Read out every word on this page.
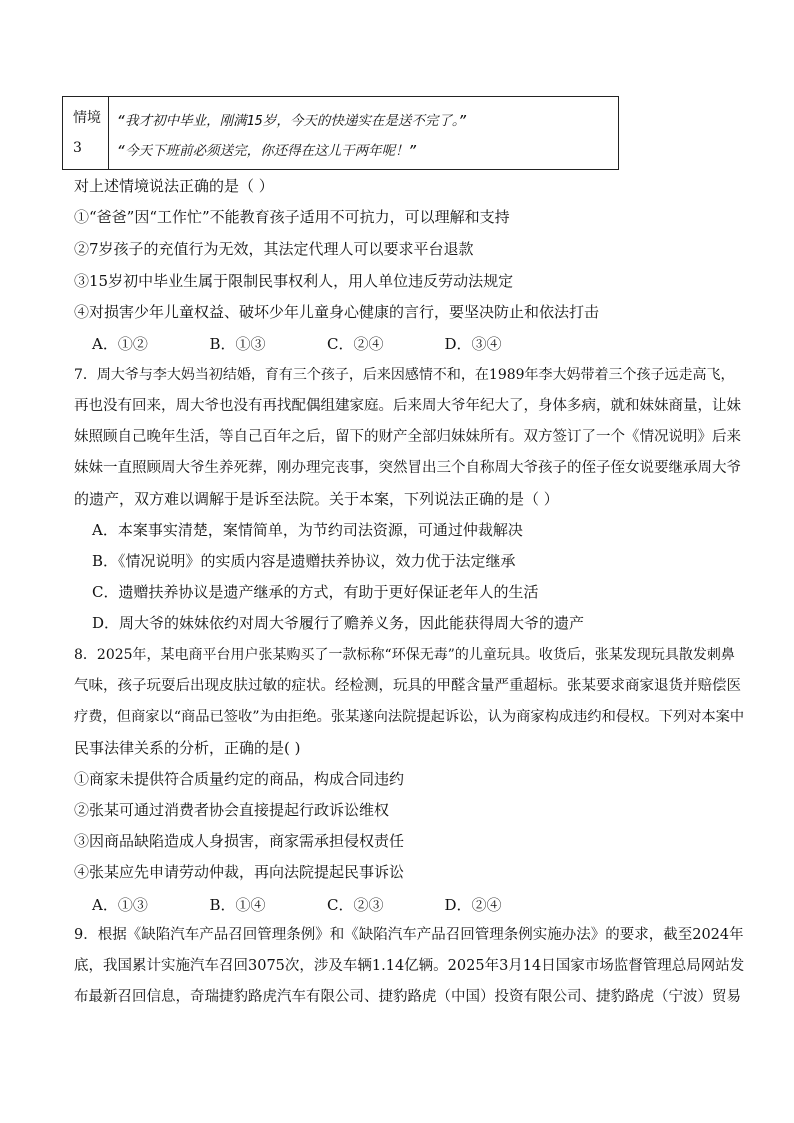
情境
3
“我才初中毕业，刚满15岁，今天的快递实在是送不完了。”
“今天下班前必须送完，你还得在这儿干两年呢！”
对上述情境说法正确的是（ ）
①“爸爸”因“工作忙”不能教育孩子适用不可抗力，可以理解和支持
②7岁孩子的充值行为无效，其法定代理人可以要求平台退款
③15岁初中毕业生属于限制民事权利人，用人单位违反劳动法规定
④对损害少年儿童权益、破坏少年儿童身心健康的言行，要坚决防止和依法打击
A．①②	B．①③	C．②④	D．③④
7．周大爷与李大妈当初结婚，育有三个孩子，后来因感情不和，在1989年李大妈带着三个孩子远走高飞，
再也没有回来，周大爷也没有再找配偶组建家庭。后来周大爷年纪大了，身体多病，就和妹妹商量，让妹
妹照顾自己晚年生活，等自己百年之后，留下的财产全部归妹妹所有。双方签订了一个《情况说明》后来
妹妹一直照顾周大爷生养死葬，刚办理完丧事，突然冒出三个自称周大爷孩子的侄子侄女说要继承周大爷
的遗产，双方难以调解于是诉至法院。关于本案，下列说法正确的是（ ）
A．本案事实清楚，案情简单，为节约司法资源，可通过仲裁解决
B．《情况说明》的实质内容是遗赠扶养协议，效力优于法定继承
C．遗赠扶养协议是遗产继承的方式，有助于更好保证老年人的生活
D．周大爷的妹妹依约对周大爷履行了赡养义务，因此能获得周大爷的遗产
8．2025年，某电商平台用户张某购买了一款标称“环保无毒”的儿童玩具。收货后，张某发现玩具散发刺鼻
气味，孩子玩耍后出现皮肤过敏的症状。经检测，玩具的甲醛含量严重超标。张某要求商家退货并赔偿医
疗费，但商家以“商品已签收”为由拒绝。张某遂向法院提起诉讼，认为商家构成违约和侵权。下列对本案中
民事法律关系的分析，正确的是( )
①商家未提供符合质量约定的商品，构成合同违约
②张某可通过消费者协会直接提起行政诉讼维权
③因商品缺陷造成人身损害，商家需承担侵权责任
④张某应先申请劳动仲裁，再向法院提起民事诉讼
A．①③	B．①④	C．②③	D．②④
9．根据《缺陷汽车产品召回管理条例》和《缺陷汽车产品召回管理条例实施办法》的要求，截至2024年
底，我国累计实施汽车召回3075次，涉及车辆1.14亿辆。2025年3月14日国家市场监督管理总局网站发
布最新召回信息，奇瑞捷豹路虎汽车有限公司、捷豹路虎（中国）投资有限公司、捷豹路虎（宁波）贸易
